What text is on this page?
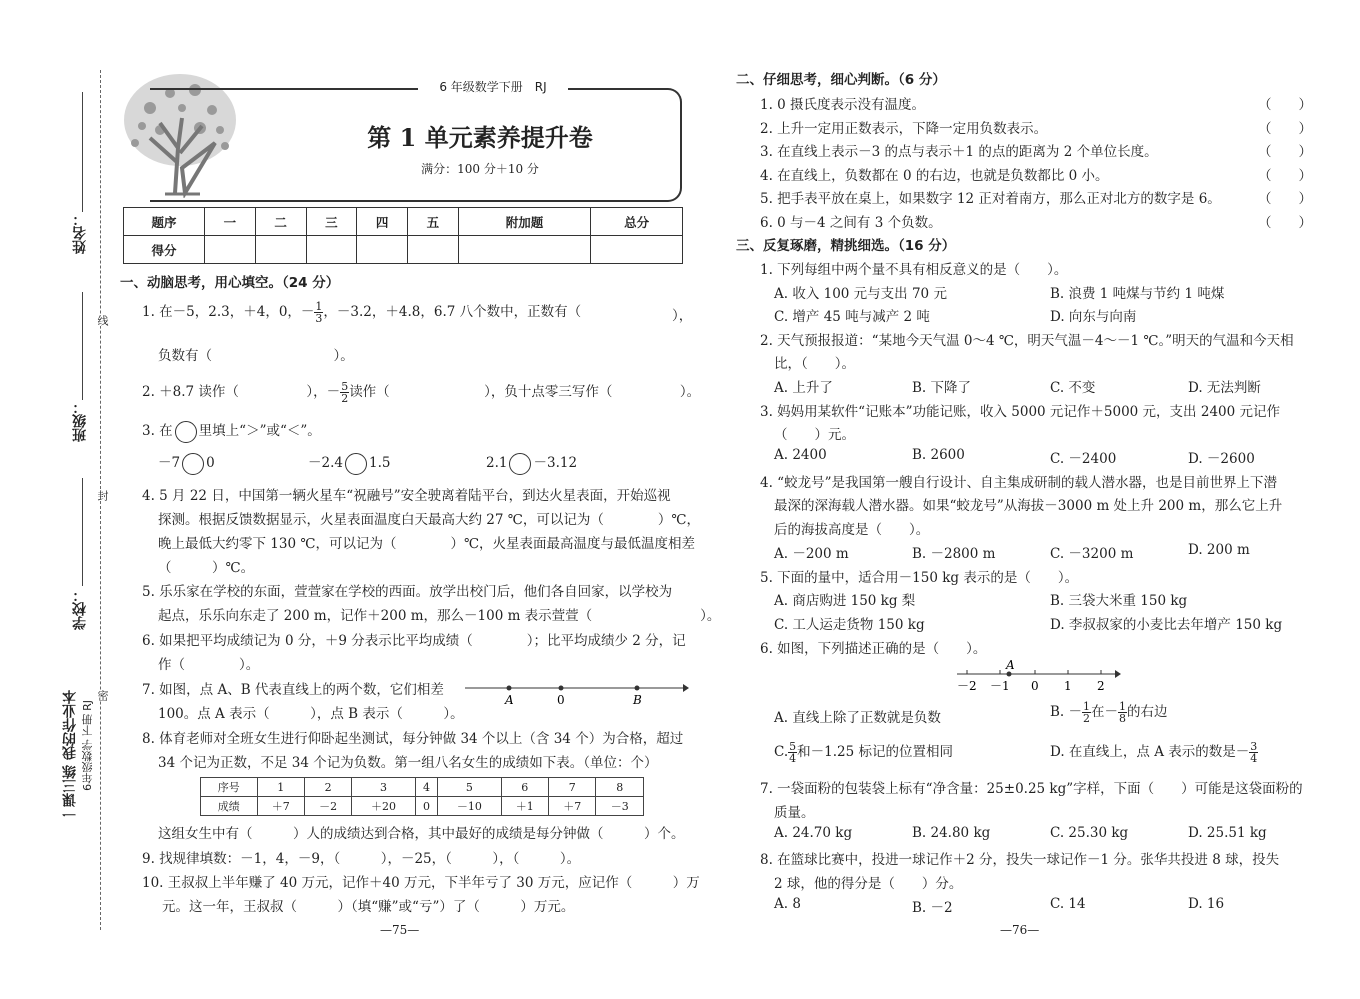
姓名：
班级：
学校：
线
封
密
一课三练 我的作业本 6年级数学 下册 RJ
6 年级数学下册　RJ
第 1 单元素养提升卷
满分：100 分＋10 分
题序	一	二	三	四	五	附加题	总分
得分							
一、动脑思考，用心填空。（24 分）
1. 在－5，2.3，＋4，0，－ $\frac{1}{3}$ ，－3.2，＋4.8，6.7 八个数中，正数有（	），
负数有（　　　　　　　　　）。
2. ＋8.7 读作（　　　　　），－ $\frac{5}{2}$ 读作（　　　　　　　），负十点零三写作（　　　　　）。
3. 在 里填上“＞”或“＜”。
－7 0	－2.4 1.5	2.1 －3.12
4. 5 月 22 日，中国第一辆火星车“祝融号”安全驶离着陆平台，到达火星表面，开始巡视
探测。根据反馈数据显示，火星表面温度白天最高大约 27 ℃，可以记为（　　　　）℃，
晚上最低大约零下 130 ℃，可以记为（　　　　）℃，火星表面最高温度与最低温度相差
（　　　）℃。
5. 乐乐家在学校的东面，萱萱家在学校的西面。放学出校门后，他们各自回家，以学校为
起点，乐乐向东走了 200 m，记作＋200 m，那么－100 m 表示萱萱（　　　　　　　　）。
6. 如果把平均成绩记为 0 分，＋9 分表示比平均成绩（　　　　）；比平均成绩少 2 分，记
作（　　　　）。
7. 如图，点 A、B 代表直线上的两个数，它们相差
100。点 A 表示（　　　），点 B 表示（　　　）。
A	0	B
8. 体育老师对全班女生进行仰卧起坐测试，每分钟做 34 个以上（含 34 个）为合格，超过
34 个记为正数，不足 34 个记为负数。第一组八名女生的成绩如下表。（单位：个）
序号	1	2	3	4	5	6	7	8
成绩	＋7	－2	＋20	0	－10	＋1	＋7	－3
这组女生中有（　　　）人的成绩达到合格，其中最好的成绩是每分钟做（　　　）个。
9. 找规律填数：－1，4，－9，（　　　），－25，（　　　），（　　　）。
10. 王叔叔上半年赚了 40 万元，记作＋40 万元，下半年亏了 30 万元，应记作（　　　）万
元。这一年，王叔叔（　　　）（填“赚”或“亏”）了（　　　）万元。
—75—
二、仔细思考，细心判断。（6 分）
1. 0 摄氏度表示没有温度。
2. 上升一定用正数表示，下降一定用负数表示。
3. 在直线上表示－3 的点与表示＋1 的点的距离为 2 个单位长度。
4. 在直线上，负数都在 0 的右边，也就是负数都比 0 小。
5. 把手表平放在桌上，如果数字 12 正对着南方，那么正对北方的数字是 6。
6. 0 与－4 之间有 3 个负数。
（　　）
（　　）
（　　）
（　　）
（　　）
（　　）
三、反复琢磨，精挑细选。（16 分）
1. 下列每组中两个量不具有相反意义的是（　　）。
A. 收入 100 元与支出 70 元	B. 浪费 1 吨煤与节约 1 吨煤
C. 增产 45 吨与减产 2 吨	D. 向东与向南
2. 天气预报报道：“某地今天气温 0～4 ℃，明天气温－4～－1 ℃。”明天的气温和今天相
比，（　　）。
A. 上升了	B. 下降了	C. 不变	D. 无法判断
3. 妈妈用某软件“记账本”功能记账，收入 5000 元记作＋5000 元，支出 2400 元记作
（　　）元。
A. 2400	B. 2600	C. －2400	D. －2600
4. “蛟龙号”是我国第一艘自行设计、自主集成研制的载人潜水器，也是目前世界上下潜
最深的深海载人潜水器。如果“蛟龙号”从海拔－3000 m 处上升 200 m，那么它上升
后的海拔高度是（　　）。
A. －200 m	B. －2800 m	C. －3200 m	D. 200 m
5. 下面的量中，适合用－150 kg 表示的是（　　）。
A. 商店购进 150 kg 梨	B. 三袋大米重 150 kg
C. 工人运走货物 150 kg	D. 李叔叔家的小麦比去年增产 150 kg
6. 如图，下列描述正确的是（　　）。
A
－2 －1 0 1 2
A. 直线上除了正数就是负数	B. － $\frac{1}{2}$ 在－ $\frac{1}{8}$ 的右边
C. $\frac{5}{4}$ 和－1.25 标记的位置相同	D. 在直线上，点 A 表示的数是－ $\frac{3}{4}$
7. 一袋面粉的包装袋上标有“净含量：25±0.25 kg”字样，下面（　　）可能是这袋面粉的
质量。
A. 24.70 kg	B. 24.80 kg	C. 25.30 kg	D. 25.51 kg
8. 在篮球比赛中，投进一球记作＋2 分，投失一球记作－1 分。张华共投进 8 球，投失
2 球，他的得分是（　　）分。
A. 8	B. －2	C. 14	D. 16
—76—
